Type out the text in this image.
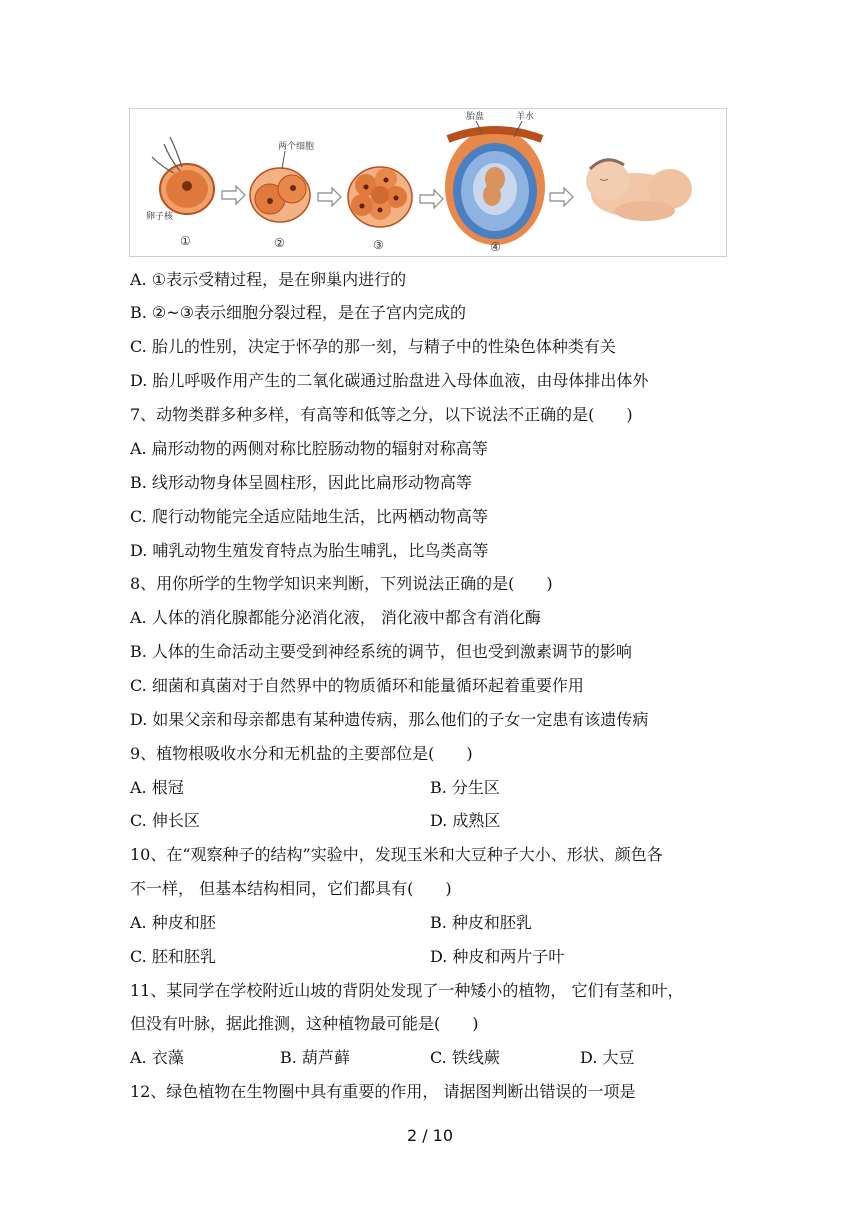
卵子核
①
两个细胞
②	③
胎盘	羊水
④
A. ①表示受精过程，是在卵巢内进行的
B. ②~③表示细胞分裂过程，是在子宫内完成的
C. 胎儿的性别，决定于怀孕的那一刻，与精子中的性染色体种类有关
D. 胎儿呼吸作用产生的二氧化碳通过胎盘进入母体血液，由母体排出体外
7、动物类群多种多样，有高等和低等之分，以下说法不正确的是(　　)
A. 扁形动物的两侧对称比腔肠动物的辐射对称高等
B. 线形动物身体呈圆柱形，因此比扁形动物高等
C. 爬行动物能完全适应陆地生活，比两栖动物高等
D. 哺乳动物生殖发育特点为胎生哺乳，比鸟类高等
8、用你所学的生物学知识来判断，下列说法正确的是(　　)
A. 人体的消化腺都能分泌消化液， 消化液中都含有消化酶
B. 人体的生命活动主要受到神经系统的调节，但也受到激素调节的影响
C. 细菌和真菌对于自然界中的物质循环和能量循环起着重要作用
D. 如果父亲和母亲都患有某种遗传病，那么他们的子女一定患有该遗传病
9、植物根吸收水分和无机盐的主要部位是(　　)
A. 根冠	B. 分生区
C. 伸长区	D. 成熟区
10、在“观察种子的结构”实验中，发现玉米和大豆种子大小、形状、颜色各
不一样， 但基本结构相同，它们都具有(　　)
A. 种皮和胚	B. 种皮和胚乳
C. 胚和胚乳	D. 种皮和两片子叶
11、某同学在学校附近山坡的背阴处发现了一种矮小的植物， 它们有茎和叶，
但没有叶脉，据此推测，这种植物最可能是(　　)
A. 衣藻	B. 葫芦藓	C. 铁线蕨	D. 大豆
12、绿色植物在生物圈中具有重要的作用， 请据图判断出错误的一项是
2 / 10
